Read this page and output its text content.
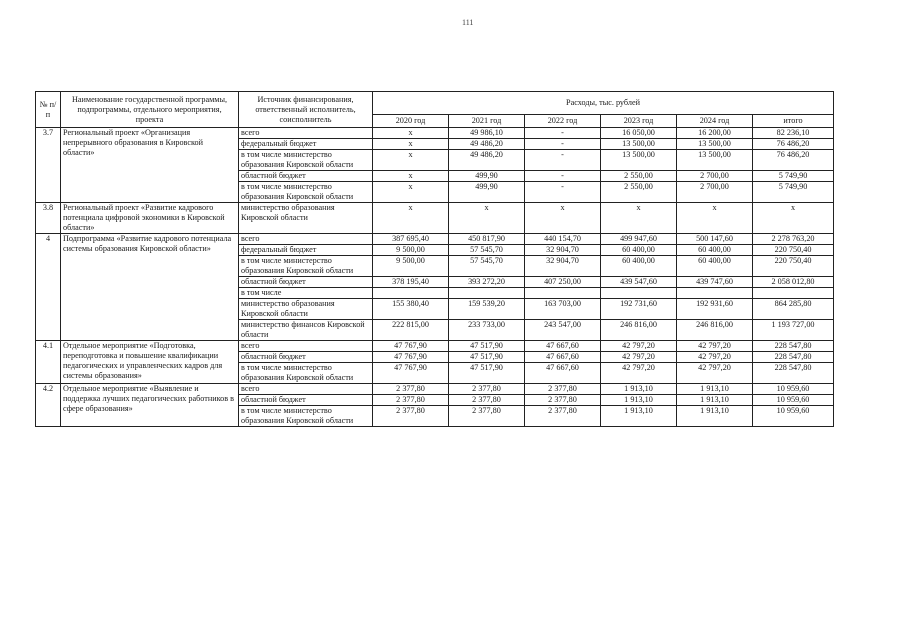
111
№ п/п	Наименование государственной программы, подпрограммы, отдельного мероприятия, проекта	Источник финансирования, ответственный исполнитель, соисполнитель	Расходы, тыс. рублей					
			2020 год	2021 год	2022 год	2023 год	2024 год	итого
3.7	Региональный проект «Организация непрерывного образования в Кировской области»	всего	х	49 986,10	-	16 050,00	16 200,00	82 236,10
		федеральный бюджет	х	49 486,20	-	13 500,00	13 500,00	76 486,20
		в том числе министерство образования Кировской области	х	49 486,20	-	13 500,00	13 500,00	76 486,20
		областной бюджет	х	499,90	-	2 550,00	2 700,00	5 749,90
		в том числе министерство образования Кировской области	х	499,90	-	2 550,00	2 700,00	5 749,90
3.8	Региональный проект «Развитие кадрового потенциала цифровой экономики в Кировской области»	министерство образования Кировской области	х	х	х	х	х	х
4	Подпрограмма «Развитие кадрового потенциала системы образования Кировской области»	всего	387 695,40	450 817,90	440 154,70	499 947,60	500 147,60	2 278 763,20
		федеральный бюджет	9 500,00	57 545,70	32 904,70	60 400,00	60 400,00	220 750,40
		в том числе министерство образования Кировской области	9 500,00	57 545,70	32 904,70	60 400,00	60 400,00	220 750,40
		областной бюджет	378 195,40	393 272,20	407 250,00	439 547,60	439 747,60	2 058 012,80
		в том числе						
		министерство образования Кировской области	155 380,40	159 539,20	163 703,00	192 731,60	192 931,60	864 285,80
		министерство финансов Кировской области	222 815,00	233 733,00	243 547,00	246 816,00	246 816,00	1 193 727,00
4.1	Отдельное мероприятие «Подготовка, переподготовка и повышение квалификации педагогических и управленческих кадров для системы образования»	всего	47 767,90	47 517,90	47 667,60	42 797,20	42 797,20	228 547,80
		областной бюджет	47 767,90	47 517,90	47 667,60	42 797,20	42 797,20	228 547,80
		в том числе министерство образования Кировской области	47 767,90	47 517,90	47 667,60	42 797,20	42 797,20	228 547,80
4.2	Отдельное мероприятие «Выявление и поддержка лучших педагогических работников в сфере образования»	всего	2 377,80	2 377,80	2 377,80	1 913,10	1 913,10	10 959,60
		областной бюджет	2 377,80	2 377,80	2 377,80	1 913,10	1 913,10	10 959,60
		в том числе министерство образования Кировской области	2 377,80	2 377,80	2 377,80	1 913,10	1 913,10	10 959,60
